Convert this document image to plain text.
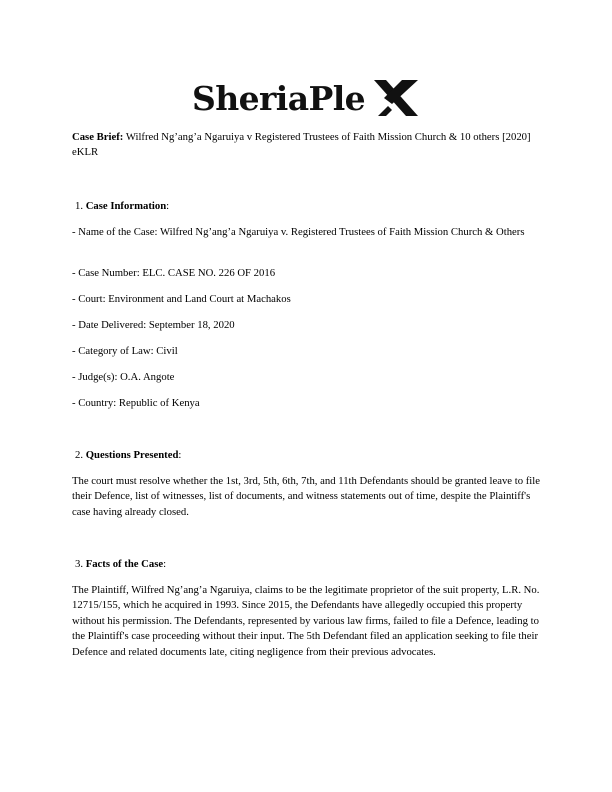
SheriaPle

Case Brief: Wilfred Ng’ang’a Ngaruiya v Registered Trustees of Faith Mission Church & 10 others [2020] eKLR

1. Case Information:

- Name of the Case: Wilfred Ng’ang’a Ngaruiya v. Registered Trustees of Faith Mission Church & Others

- Case Number: ELC. CASE NO. 226 OF 2016

- Court: Environment and Land Court at Machakos

- Date Delivered: September 18, 2020

- Category of Law: Civil

- Judge(s): O.A. Angote

- Country: Republic of Kenya

2. Questions Presented:

The court must resolve whether the 1st, 3rd, 5th, 6th, 7th, and 11th Defendants should be granted leave to file their Defence, list of witnesses, list of documents, and witness statements out of time, despite the Plaintiff's case having already closed.

3. Facts of the Case:

The Plaintiff, Wilfred Ng’ang’a Ngaruiya, claims to be the legitimate proprietor of the suit property, L.R. No. 12715/155, which he acquired in 1993. Since 2015, the Defendants have allegedly occupied this property without his permission. The Defendants, represented by various law firms, failed to file a Defence, leading to the Plaintiff's case proceeding without their input. The 5th Defendant filed an application seeking to file their Defence and related documents late, citing negligence from their previous advocates.
